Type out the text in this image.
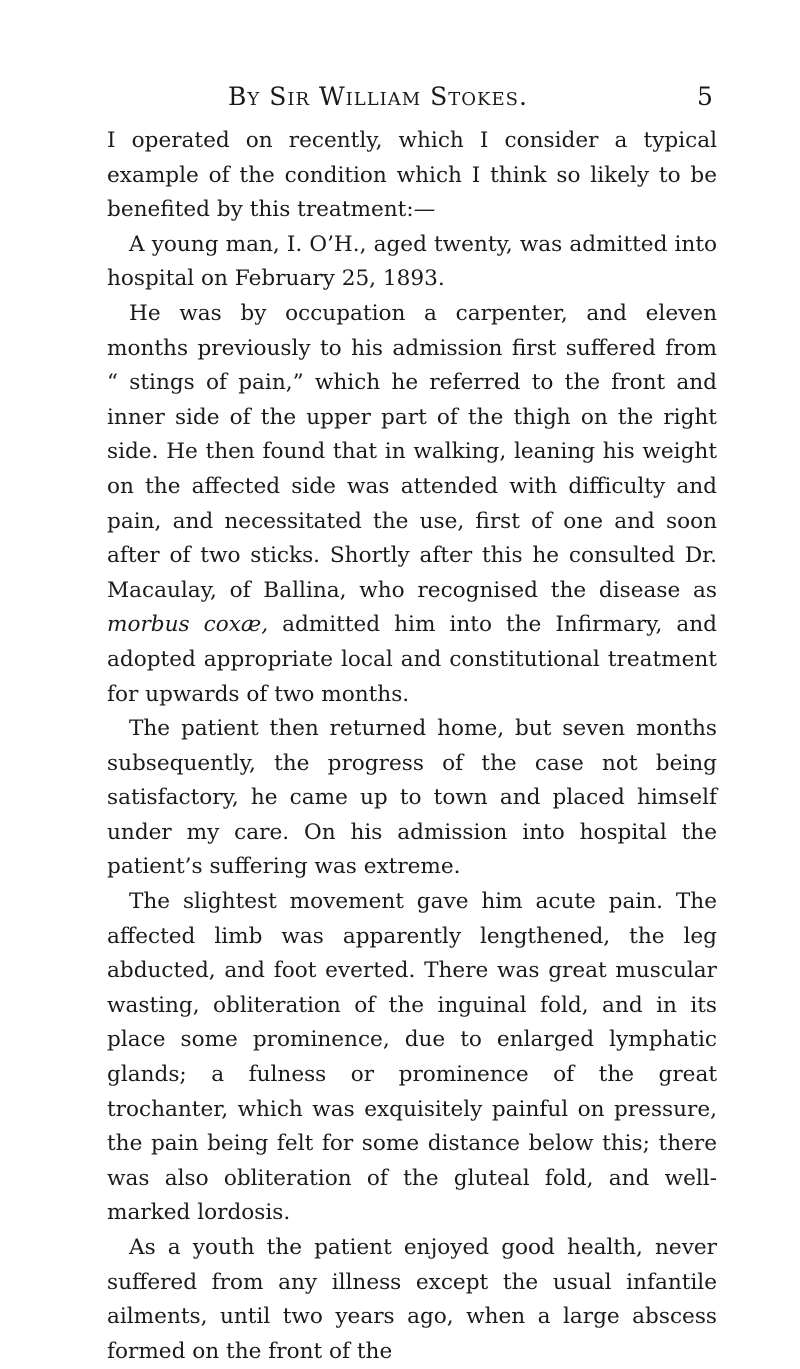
By Sir William Stokes.	5

I operated on recently, which I consider a typical example of the condition which I think so likely to be benefited by this treatment:—

A young man, I. O’H., aged twenty, was admitted into hospital on February 25, 1893.

He was by occupation a carpenter, and eleven months previously to his admission first suffered from “ stings of pain,” which he referred to the front and inner side of the upper part of the thigh on the right side. He then found that in walking, leaning his weight on the affected side was attended with difficulty and pain, and necessitated the use, first of one and soon after of two sticks. Shortly after this he consulted Dr. Macaulay, of Ballina, who recognised the disease as morbus coxæ, admitted him into the Infirmary, and adopted appropriate local and constitutional treatment for upwards of two months.

The patient then returned home, but seven months subsequently, the progress of the case not being satisfactory, he came up to town and placed himself under my care. On his admission into hospital the patient’s suffering was extreme.

The slightest movement gave him acute pain. The affected limb was apparently lengthened, the leg abducted, and foot everted. There was great muscular wasting, obliteration of the inguinal fold, and in its place some prominence, due to enlarged lymphatic glands; a fulness or prominence of the great trochanter, which was exquisitely painful on pressure, the pain being felt for some distance below this; there was also obliteration of the gluteal fold, and well-marked lordosis.

As a youth the patient enjoyed good health, never suffered from any illness except the usual infantile ailments, until two years ago, when a large abscess formed on the front of the
